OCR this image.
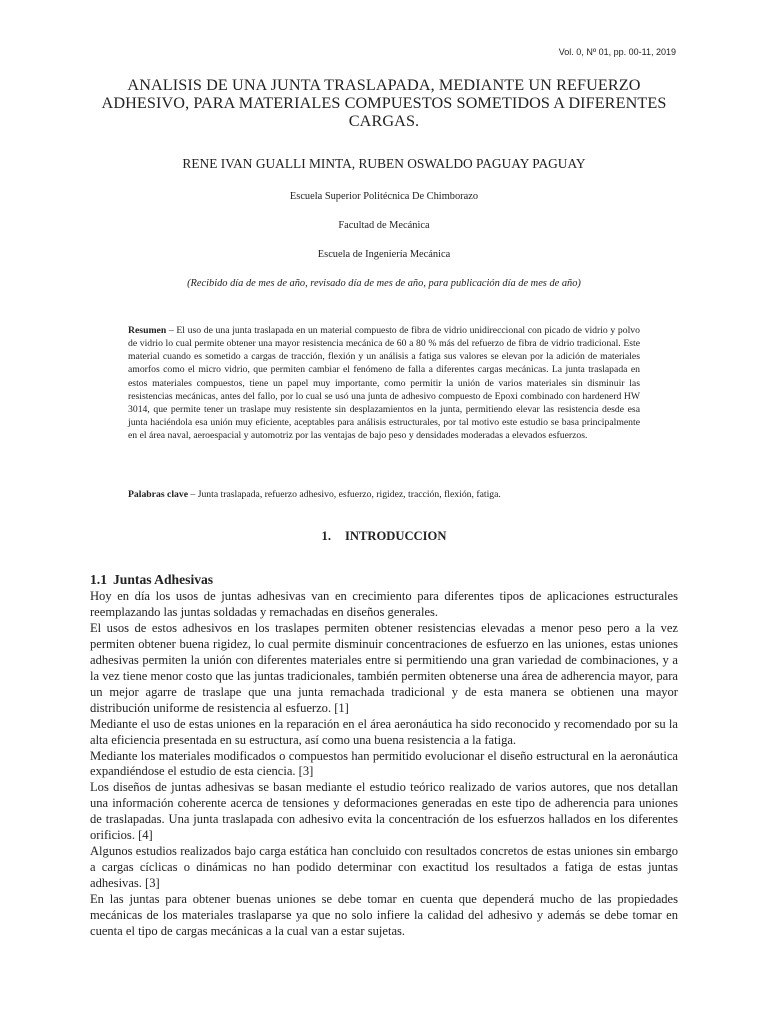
Vol. 0, Nº 01, pp. 00-11, 2019
ANALISIS DE UNA JUNTA TRASLAPADA, MEDIANTE UN REFUERZO ADHESIVO, PARA MATERIALES COMPUESTOS SOMETIDOS A DIFERENTES CARGAS.
RENE IVAN GUALLI MINTA, RUBEN OSWALDO PAGUAY PAGUAY
Escuela Superior Politécnica De Chimborazo
Facultad de Mecánica
Escuela de Ingeniería Mecánica
(Recibido día de mes de año, revisado día de mes de año, para publicación día de mes de año)
Resumen – El uso de una junta traslapada en un material compuesto de fibra de vidrio unidireccional con picado de vidrio y polvo de vidrio lo cual permite obtener una mayor resistencia mecánica de 60 a 80 % más del refuerzo de fibra de vidrio tradicional. Este material cuando es sometido a cargas de tracción, flexión y un análisis a fatiga sus valores se elevan por la adición de materiales amorfos como el micro vidrio, que permiten cambiar el fenómeno de falla a diferentes cargas mecánicas. La junta traslapada en estos materiales compuestos, tiene un papel muy importante, como permitir la unión de varios materiales sin disminuir las resistencias mecánicas, antes del fallo, por lo cual se usó una junta de adhesivo compuesto de Epoxi combinado con hardenerd HW 3014, que permite tener un traslape muy resistente sin desplazamientos en la junta, permitiendo elevar las resistencia desde esa junta haciéndola esa unión muy eficiente, aceptables para análisis estructurales, por tal motivo este estudio se basa principalmente en el área naval, aeroespacial y automotriz por las ventajas de bajo peso y densidades moderadas a elevados esfuerzos.
Palabras clave – Junta traslapada, refuerzo adhesivo, esfuerzo, rigidez, tracción, flexión, fatiga.
1. INTRODUCCION
1.1 Juntas Adhesivas

Hoy en día los usos de juntas adhesivas van en crecimiento para diferentes tipos de aplicaciones estructurales reemplazando las juntas soldadas y remachadas en diseños generales.

El usos de estos adhesivos en los traslapes permiten obtener resistencias elevadas a menor peso pero a la vez permiten obtener buena rigidez, lo cual permite disminuir concentraciones de esfuerzo en las uniones, estas uniones adhesivas permiten la unión con diferentes materiales entre si permitiendo una gran variedad de combinaciones, y a la vez tiene menor costo que las juntas tradicionales, también permiten obtenerse una área de adherencia mayor, para un mejor agarre de traslape que una junta remachada tradicional y de esta manera se obtienen una mayor distribución uniforme de resistencia al esfuerzo. [1]

Mediante el uso de estas uniones en la reparación en el área aeronáutica ha sido reconocido y recomendado por su la alta eficiencia presentada en su estructura, así como una buena resistencia a la fatiga.

Mediante los materiales modificados o compuestos han permitido evolucionar el diseño estructural en la aeronáutica expandiéndose el estudio de esta ciencia. [3]

Los diseños de juntas adhesivas se basan mediante el estudio teórico realizado de varios autores, que nos detallan una información coherente acerca de tensiones y deformaciones generadas en este tipo de adherencia para uniones de traslapadas. Una junta traslapada con adhesivo evita la concentración de los esfuerzos hallados en los diferentes orificios. [4]

Algunos estudios realizados bajo carga estática han concluido con resultados concretos de estas uniones sin embargo a cargas cíclicas o dinámicas no han podido determinar con exactitud los resultados a fatiga de estas juntas adhesivas. [3]

En las juntas para obtener buenas uniones se debe tomar en cuenta que dependerá mucho de las propiedades mecánicas de los materiales traslaparse ya que no solo infiere la calidad del adhesivo y además se debe tomar en cuenta el tipo de cargas mecánicas a la cual van a estar sujetas.
